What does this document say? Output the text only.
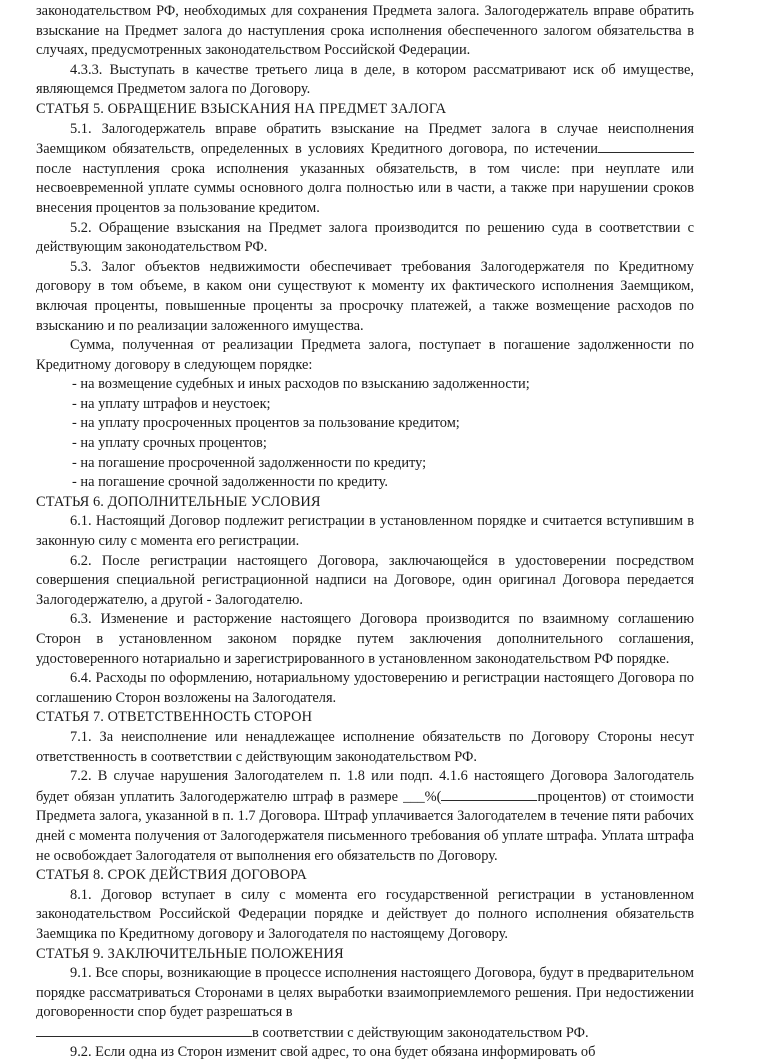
законодательством РФ, необходимых для сохранения Предмета залога. Залогодержатель вправе обратить взыскание на Предмет залога до наступления срока исполнения обеспеченного залогом обязательства в случаях, предусмотренных законодательством Российской Федерации.

4.3.3. Выступать в качестве третьего лица в деле, в котором рассматривают иск об имуществе, являющемся Предметом залога по Договору.

СТАТЬЯ 5. ОБРАЩЕНИЕ ВЗЫСКАНИЯ НА ПРЕДМЕТ ЗАЛОГА

5.1. Залогодержатель вправе обратить взыскание на Предмет залога в случае неисполнения Заемщиком обязательств, определенных в условиях Кредитного договора, по истечениипосле наступления срока исполнения указанных обязательств, в том числе: при неуплате или несвоевременной уплате суммы основного долга полностью или в части, а также при нарушении сроков внесения процентов за пользование кредитом.

5.2. Обращение взыскания на Предмет залога производится по решению суда в соответствии с действующим законодательством РФ.

5.3. Залог объектов недвижимости обеспечивает требования Залогодержателя по Кредитному договору в том объеме, в каком они существуют к моменту их фактического исполнения Заемщиком, включая проценты, повышенные проценты за просрочку платежей, а также возмещение расходов по взысканию и по реализации заложенного имущества.

Сумма, полученная от реализации Предмета залога, поступает в погашение задолженности по Кредитному договору в следующем порядке:

- на возмещение судебных и иных расходов по взысканию задолженности;

- на уплату штрафов и неустоек;

- на уплату просроченных процентов за пользование кредитом;

- на уплату срочных процентов;

- на погашение просроченной задолженности по кредиту;

- на погашение срочной задолженности по кредиту.

СТАТЬЯ 6. ДОПОЛНИТЕЛЬНЫЕ УСЛОВИЯ

6.1. Настоящий Договор подлежит регистрации в установленном порядке и считается вступившим в законную силу с момента его регистрации.

6.2. После регистрации настоящего Договора, заключающейся в удостоверении посредством совершения специальной регистрационной надписи на Договоре, один оригинал Договора передается Залогодержателю, а другой - Залогодателю.

6.3. Изменение и расторжение настоящего Договора производится по взаимному соглашению Сторон в установленном законом порядке путем заключения дополнительного соглашения, удостоверенного нотариально и зарегистрированного в установленном законодательством РФ порядке.

6.4. Расходы по оформлению, нотариальному удостоверению и регистрации настоящего Договора по соглашению Сторон возложены на Залогодателя.

СТАТЬЯ 7. ОТВЕТСТВЕННОСТЬ СТОРОН

7.1. За неисполнение или ненадлежащее исполнение обязательств по Договору Стороны несут ответственность в соответствии с действующим законодательством РФ.

7.2. В случае нарушения Залогодателем п. 1.8 или подп. 4.1.6 настоящего Договора Залогодатель будет обязан уплатить Залогодержателю штраф в размере ___%(	процентов) от стоимости Предмета залога, указанной в п. 1.7 Договора. Штраф уплачивается Залогодателем в течение пяти рабочих дней с момента получения от Залогодержателя письменного требования об уплате штрафа. Уплата штрафа не освобождает Залогодателя от выполнения его обязательств по Договору.

СТАТЬЯ 8. СРОК ДЕЙСТВИЯ ДОГОВОРА

8.1. Договор вступает в силу с момента его государственной регистрации в установленном законодательством Российской Федерации порядке и действует до полного исполнения обязательств Заемщика по Кредитному договору и Залогодателя по настоящему Договору.

СТАТЬЯ 9. ЗАКЛЮЧИТЕЛЬНЫЕ ПОЛОЖЕНИЯ

9.1. Все споры, возникающие в процессе исполнения настоящего Договора, будут в предварительном порядке рассматриваться Сторонами в целях выработки взаимоприемлемого решения. При недостижении договоренности спор будет разрешаться в

в соответствии с действующим законодательством РФ.

9.2. Если одна из Сторон изменит свой адрес, то она будет обязана информировать об
